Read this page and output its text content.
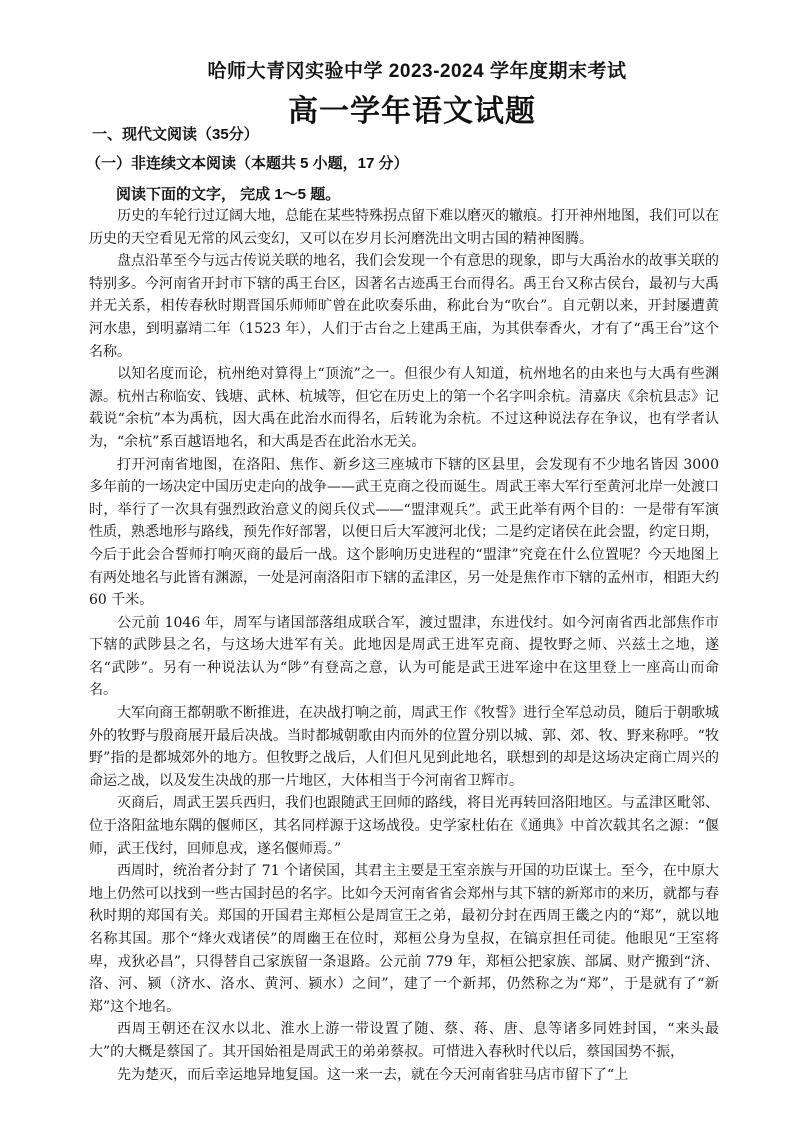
哈师大青冈实验中学 2023-2024 学年度期末考试
高一学年语文试题
一、现代文阅读（35分）
（一）非连续文本阅读（本题共 5 小题，17 分）
阅读下面的文字， 完成 1～5 题。

历史的车轮行过辽阔大地，总能在某些特殊拐点留下难以磨灭的辙痕。打开神州地图，我们可以在历史的天空看见无常的风云变幻，又可以在岁月长河磨洗出文明古国的精神图腾。

盘点沿革至今与远古传说关联的地名，我们会发现一个有意思的现象，即与大禹治水的故事关联的特别多。今河南省开封市下辖的禹王台区，因著名古迹禹王台而得名。禹王台又称古侯台，最初与大禹并无关系，相传春秋时期晋国乐师师旷曾在此吹奏乐曲，称此台为“吹台”。自元朝以来，开封屡遭黄河水患，到明嘉靖二年（1523 年），人们于古台之上建禹王庙，为其供奉香火，才有了“禹王台”这个名称。

以知名度而论，杭州绝对算得上“顶流”之一。但很少有人知道，杭州地名的由来也与大禹有些渊源。杭州古称临安、钱塘、武林、杭城等，但它在历史上的第一个名字叫余杭。清嘉庆《余杭县志》记载说“余杭”本为禹杭，因大禹在此治水而得名，后转讹为余杭。不过这种说法存在争议，也有学者认为，“余杭”系百越语地名，和大禹是否在此治水无关。

打开河南省地图，在洛阳、焦作、新乡这三座城市下辖的区县里，会发现有不少地名皆因 3000 多年前的一场决定中国历史走向的战争——武王克商之役而诞生。周武王率大军行至黄河北岸一处渡口时，举行了一次具有强烈政治意义的阅兵仪式——“盟津观兵”。武王此举有两个目的：一是带有军演性质，熟悉地形与路线，预先作好部署，以便日后大军渡河北伐；二是约定诸侯在此会盟，约定日期，今后于此会合誓师打响灭商的最后一战。这个影响历史进程的“盟津”究竟在什么位置呢？今天地图上有两处地名与此皆有渊源，一处是河南洛阳市下辖的孟津区，另一处是焦作市下辖的孟州市，相距大约 60 千米。

公元前 1046 年，周军与诸国部落组成联合军，渡过盟津，东进伐纣。如今河南省西北部焦作市下辖的武陟县之名，与这场大进军有关。此地因是周武王进军克商、提牧野之师、兴兹土之地，遂名“武陟”。另有一种说法认为“陟”有登高之意，认为可能是武王进军途中在这里登上一座高山而命名。

大军向商王都朝歌不断推进，在决战打响之前，周武王作《牧誓》进行全军总动员，随后于朝歌城外的牧野与殷商展开最后决战。当时都城朝歌由内而外的位置分别以城、郭、郊、牧、野来称呼。“牧野”指的是都城郊外的地方。但牧野之战后，人们但凡见到此地名，联想到的却是这场决定商亡周兴的命运之战，以及发生决战的那一片地区，大体相当于今河南省卫辉市。

灭商后，周武王罢兵西归，我们也跟随武王回师的路线，将目光再转回洛阳地区。与孟津区毗邻、位于洛阳盆地东隅的偃师区，其名同样源于这场战役。史学家杜佑在《通典》中首次载其名之源：“偃师，武王伐纣，回师息戎，遂名偃师焉。”

西周时，统治者分封了 71 个诸侯国，其君主主要是王室亲族与开国的功臣谋士。至今，在中原大地上仍然可以找到一些古国封邑的名字。比如今天河南省省会郑州与其下辖的新郑市的来历，就都与春秋时期的郑国有关。郑国的开国君主郑桓公是周宣王之弟，最初分封在西周王畿之内的“郑”，就以地名称其国。那个“烽火戏诸侯”的周幽王在位时，郑桓公身为皇叔，在镐京担任司徒。他眼见“王室将卑，戎狄必昌”，只得替自己家族留一条退路。公元前 779 年，郑桓公把家族、部属、财产搬到“济、洛、河、颍（济水、洛水、黄河、颍水）之间”，建了一个新邦，仍然称之为“郑”，于是就有了“新郑”这个地名。

西周王朝还在汉水以北、淮水上游一带设置了随、蔡、蒋、唐、息等诸多同姓封国，“来头最大”的大概是蔡国了。其开国始祖是周武王的弟弟蔡叔。可惜进入春秋时代以后，蔡国国势不振，

先为楚灭，而后幸运地异地复国。这一来一去，就在今天河南省驻马店市留下了“上
